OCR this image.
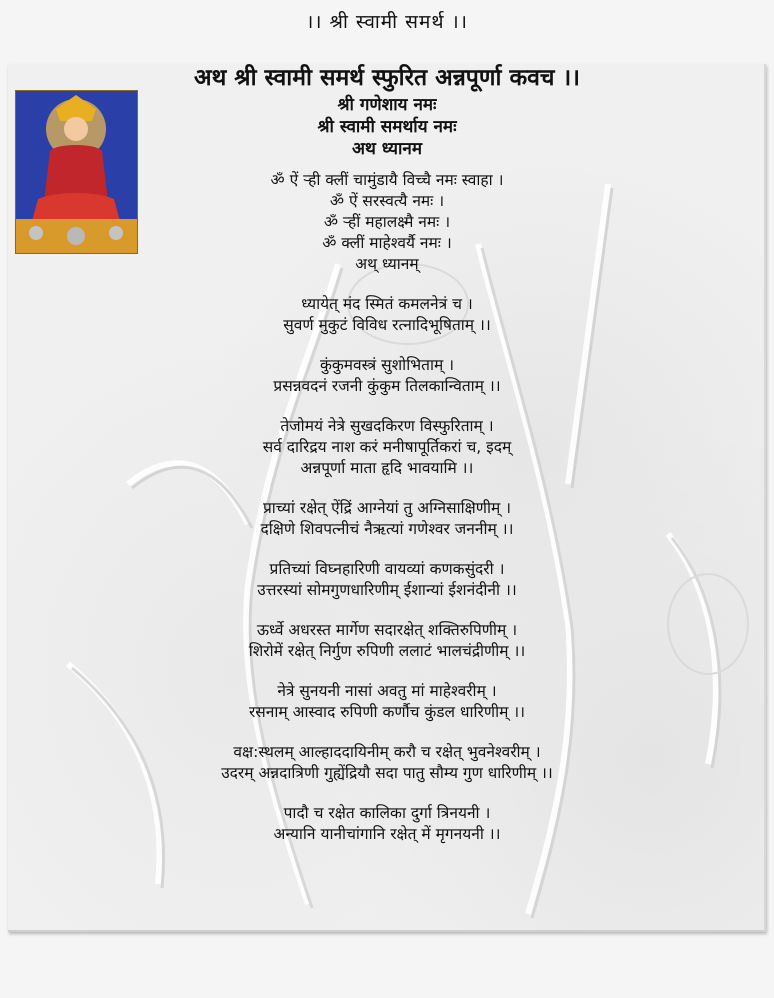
।। श्री स्वामी समर्थ ।।
अथ श्री स्वामी समर्थ स्फुरित अन्नपूर्णा कवच ।।
श्री गणेशाय नमः
श्री स्वामी समर्थाय नमः
अथ ध्यानम
ॐ ऐं ऱ्ही क्लीं चामुंडायै विच्चै नमः स्वाहा ।
ॐ ऐं सरस्वत्यै नमः ।
ॐ ऱ्हीं महालक्ष्मै नमः ।
ॐ क्लीं माहेश्वर्यै नमः ।
अथ् ध्यानम्
ध्यायेत् मंद स्मितं कमलनेत्रं च ।
सुवर्ण मुकुटं विविध रत्नादिभूषिताम् ।।
कुंकुमवस्त्रं सुशोभिताम् ।
प्रसन्नवदनं रजनी कुंकुम तिलकान्विताम् ।।
तेजोमयं नेत्रे सुखदकिरण विस्फुरिताम् ।
सर्व दारिद्रय नाश करं मनीषापूर्तिकरां च, इदम्
अन्नपूर्णा माता हृदि भावयामि ।।
प्राच्यां रक्षेत् ऐंद्रिं आग्नेयां तु अग्निसाक्षिणीम् ।
दक्षिणे शिवपत्नीचं नैऋत्यां गणेश्वर जननीम् ।।
प्रतिच्यां विघ्नहारिणी वायव्यां कणकसुंदरी ।
उत्तरस्यां सोमगुणधारिणीम् ईशान्यां ईशनंदीनी ।।
ऊर्ध्वे अधरस्त मार्गेण सदारक्षेत् शक्तिरुपिणीम् ।
शिरोमें रक्षेत् निर्गुण रुपिणी ललाटं भालचंद्रीणीम् ।।
नेत्रे सुनयनी नासां अवतु मां माहेश्वरीम् ।
रसनाम् आस्वाद रुपिणी कर्णौच कुंडल धारिणीम् ।।
वक्ष:स्थलम् आल्हाददायिनीम् करौ च रक्षेत् भुवनेश्वरीम् ।
उदरम् अन्नदात्रिणी गुह्येंद्रियौ सदा पातु सौम्य गुण धारिणीम् ।।
पादौ च रक्षेत कालिका दुर्गा त्रिनयनी ।
अन्यानि यानीचांगानि रक्षेत् में मृगनयनी ।।
